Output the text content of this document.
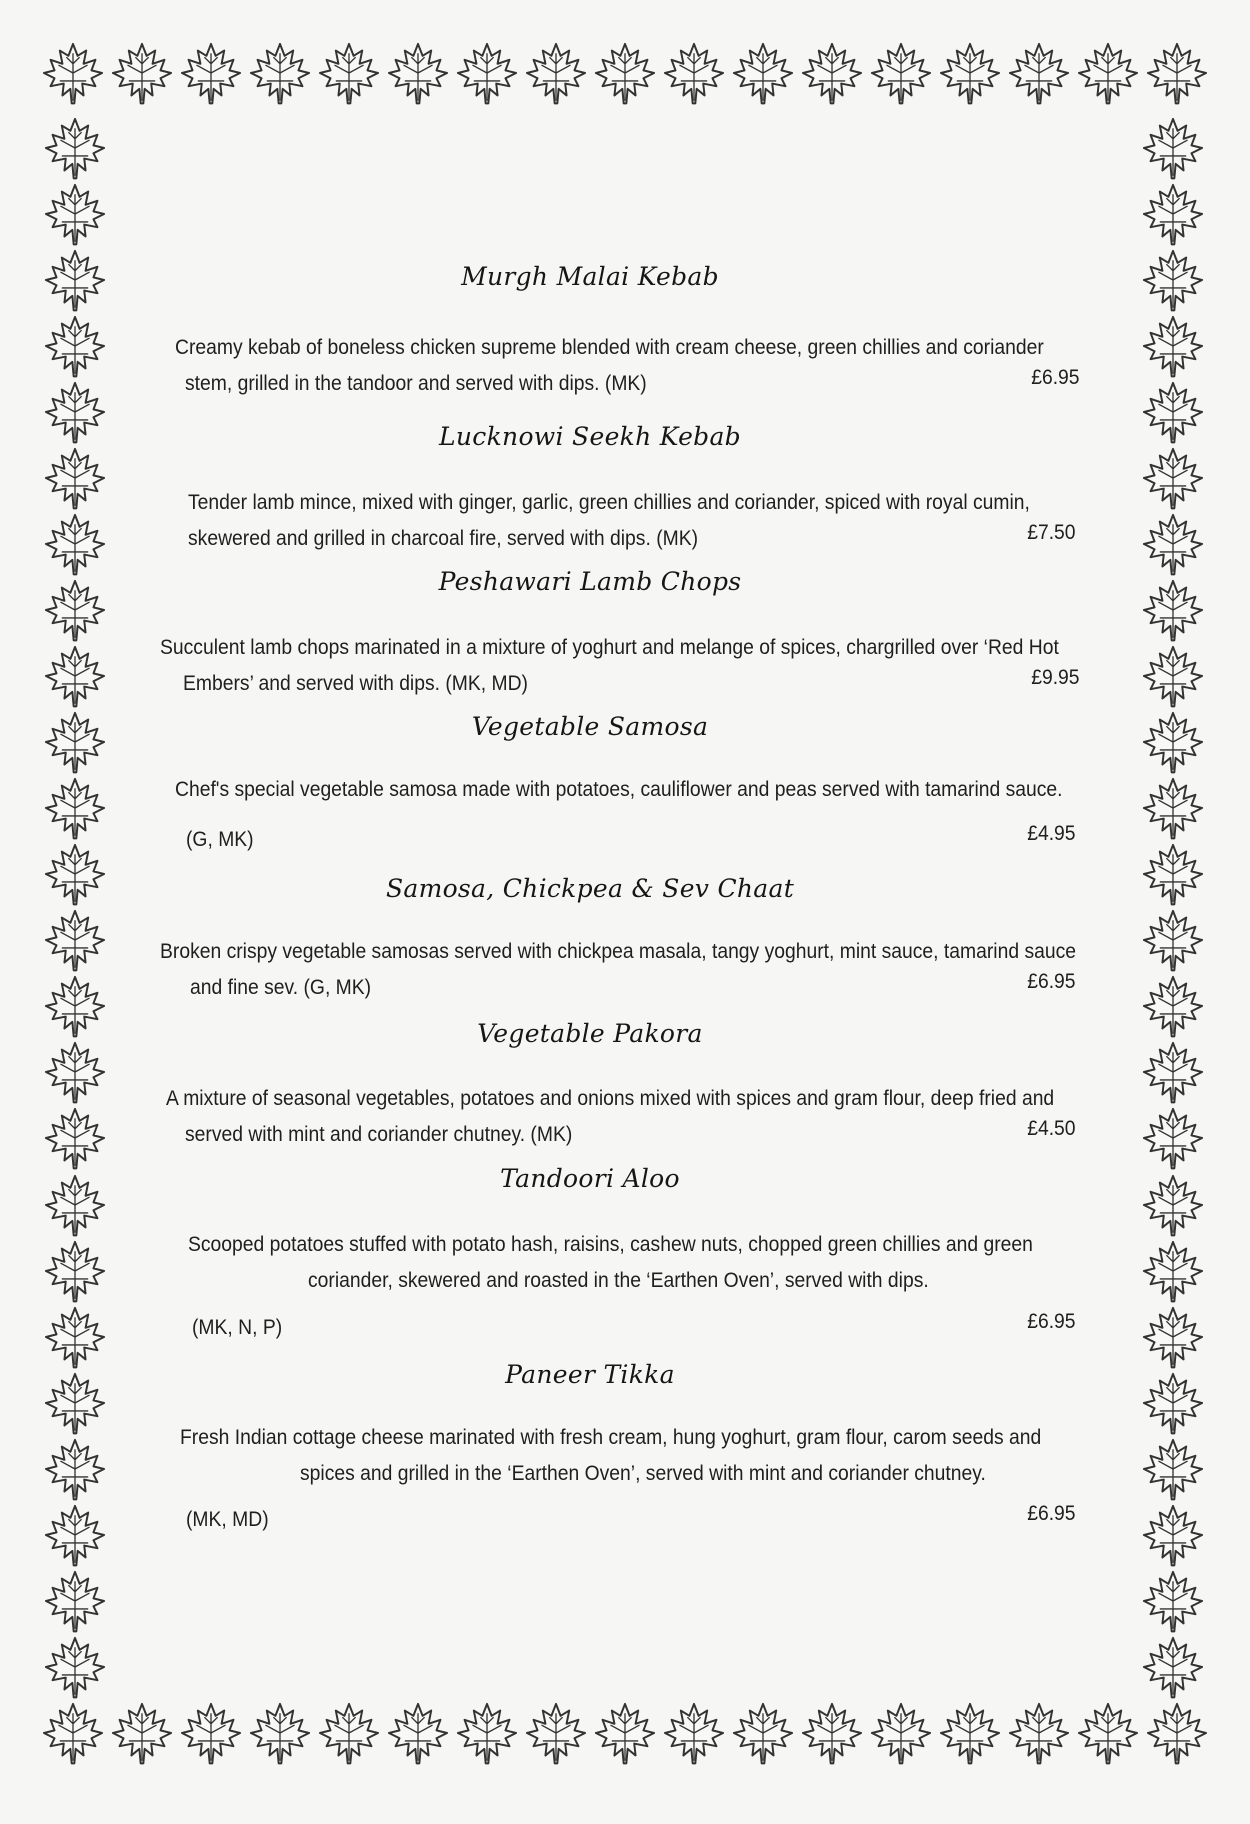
Murgh Malai Kebab
Creamy kebab of boneless chicken supreme blended with cream cheese, green chillies and coriander
stem, grilled in the tandoor and served with dips. (MK)	£6.95
Lucknowi Seekh Kebab
Tender lamb mince, mixed with ginger, garlic, green chillies and coriander, spiced with royal cumin,
skewered and grilled in charcoal fire, served with dips. (MK)	£7.50
Peshawari Lamb Chops
Succulent lamb chops marinated in a mixture of yoghurt and melange of spices, chargrilled over ‘Red Hot
Embers’ and served with dips. (MK, MD)	£9.95
Vegetable Samosa
Chef's special vegetable samosa made with potatoes, cauliflower and peas served with tamarind sauce.
(G, MK)	£4.95
Samosa, Chickpea & Sev Chaat
Broken crispy vegetable samosas served with chickpea masala, tangy yoghurt, mint sauce, tamarind sauce
and fine sev. (G, MK)	£6.95
Vegetable Pakora
A mixture of seasonal vegetables, potatoes and onions mixed with spices and gram flour, deep fried and
served with mint and coriander chutney. (MK)	£4.50
Tandoori Aloo
Scooped potatoes stuffed with potato hash, raisins, cashew nuts, chopped green chillies and green
coriander, skewered and roasted in the ‘Earthen Oven’, served with dips.
(MK, N, P)	£6.95
Paneer Tikka
Fresh Indian cottage cheese marinated with fresh cream, hung yoghurt, gram flour, carom seeds and
spices and grilled in the ‘Earthen Oven’, served with mint and coriander chutney.
(MK, MD)	£6.95
